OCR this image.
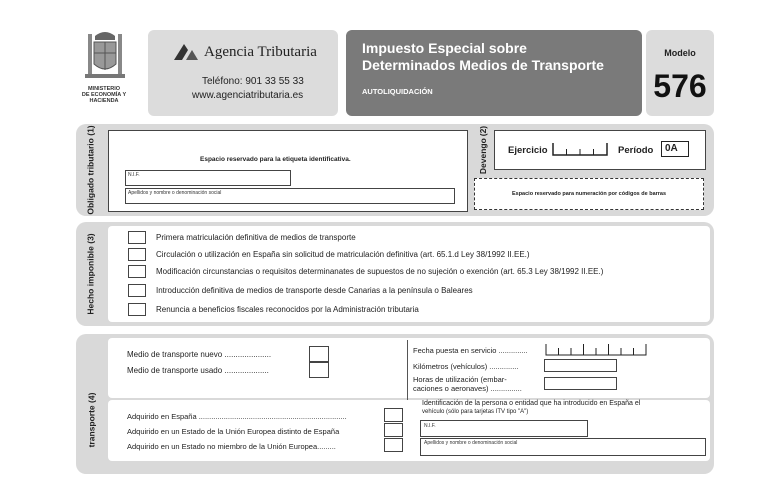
MINISTERIO
DE ECONOMÍA Y
HACIENDA
Agencia Tributaria
Teléfono: 901 33 55 33
www.agenciatributaria.es
Impuesto Especial sobre
Determinados Medios de Transporte
AUTOLIQUIDACIÓN
Modelo
576
Obligado tributario (1)
Espacio reservado para la etiqueta identificativa.
N.I.F.
Apellidos y nombre o denominación social
Devengo (2)
Ejercicio	Período 0A
Espacio reservado para numeración por códigos de barras
Hecho imponible (3)	Primera matriculación definitiva de medios de transporte
Circulación o utilización en España sin solicitud de matriculación definitiva (art. 65.1.d Ley 38/1992 II.EE.)
Modificación circunstancias o requisitos determinanates de supuestos de no sujeción o exención (art. 65.3 Ley 38/1992 II.EE.)
Introducción definitiva de medios de transporte desde Canarias a la península o Baleares
Renuncia a beneficios fiscales reconocidos por la Administración tributaria
transporte (4)
Medio de transporte nuevo .....................
Medio de transporte usado ....................
Fecha puesta en servicio ..............
Kilómetros (vehículos) ..............
Horas de utilización (embar-
caciones o aeronaves) ...............
Adquirido en España .......................................................................
Adquirido en un Estado de la Unión Europea distinto de España
Adquirido en un Estado no miembro de la Unión Europea.........
Identificación de la persona o entidad que ha introducido en España el
vehículo (sólo para tarjetas ITV tipo "A")
N.I.F.
Apellidos y nombre o denominación social
